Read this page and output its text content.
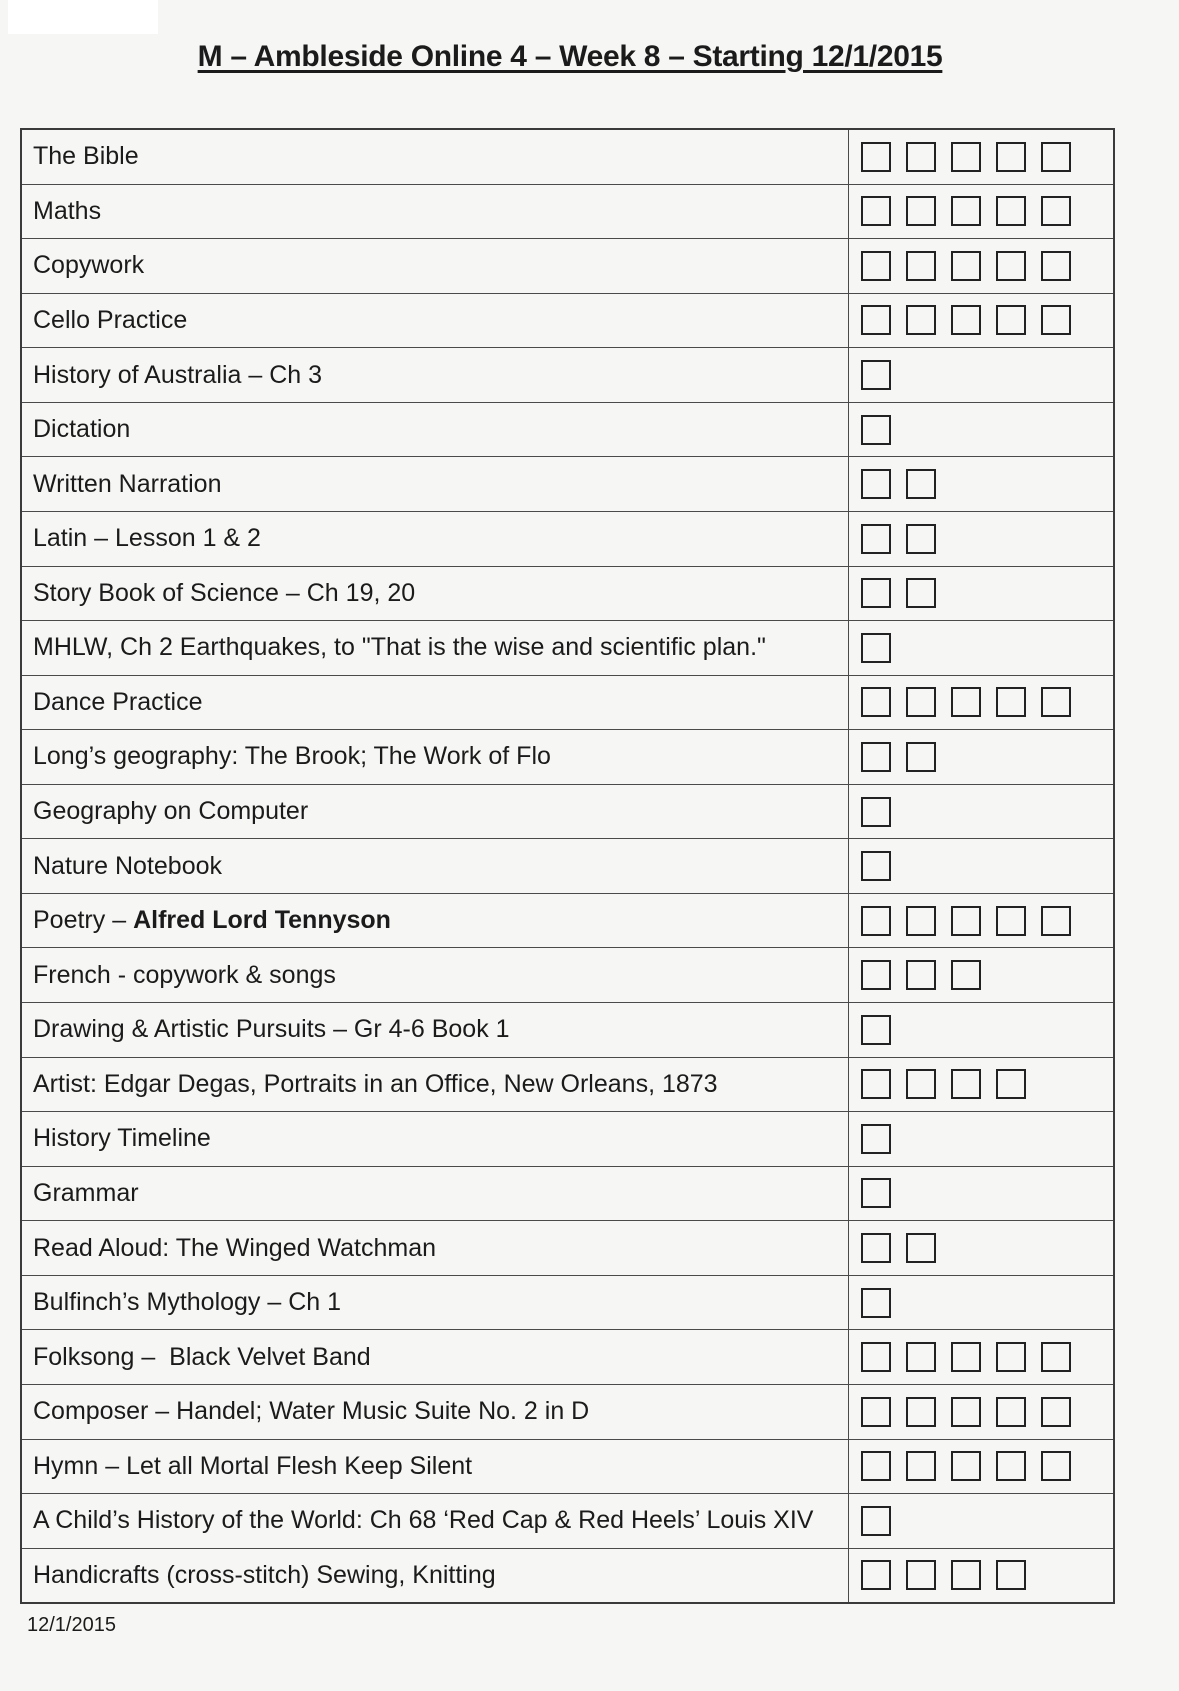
M – Ambleside Online 4 – Week 8 – Starting 12/1/2015
The Bible
Maths
Copywork
Cello Practice
History of Australia – Ch 3
Dictation
Written Narration
Latin – Lesson 1 & 2
Story Book of Science – Ch 19, 20
MHLW, Ch 2 Earthquakes, to "That is the wise and scientific plan."
Dance Practice
Long’s geography: The Brook; The Work of Flo
Geography on Computer
Nature Notebook
Poetry – Alfred Lord Tennyson
French - copywork & songs
Drawing & Artistic Pursuits – Gr 4-6 Book 1
Artist: Edgar Degas, Portraits in an Office, New Orleans, 1873
History Timeline
Grammar
Read Aloud: The Winged Watchman
Bulfinch’s Mythology – Ch 1
Folksong –  Black Velvet Band
Composer – Handel; Water Music Suite No. 2 in D
Hymn – Let all Mortal Flesh Keep Silent
A Child’s History of the World: Ch 68 ‘Red Cap & Red Heels’ Louis XIV
Handicrafts (cross-stitch) Sewing, Knitting
12/1/2015
